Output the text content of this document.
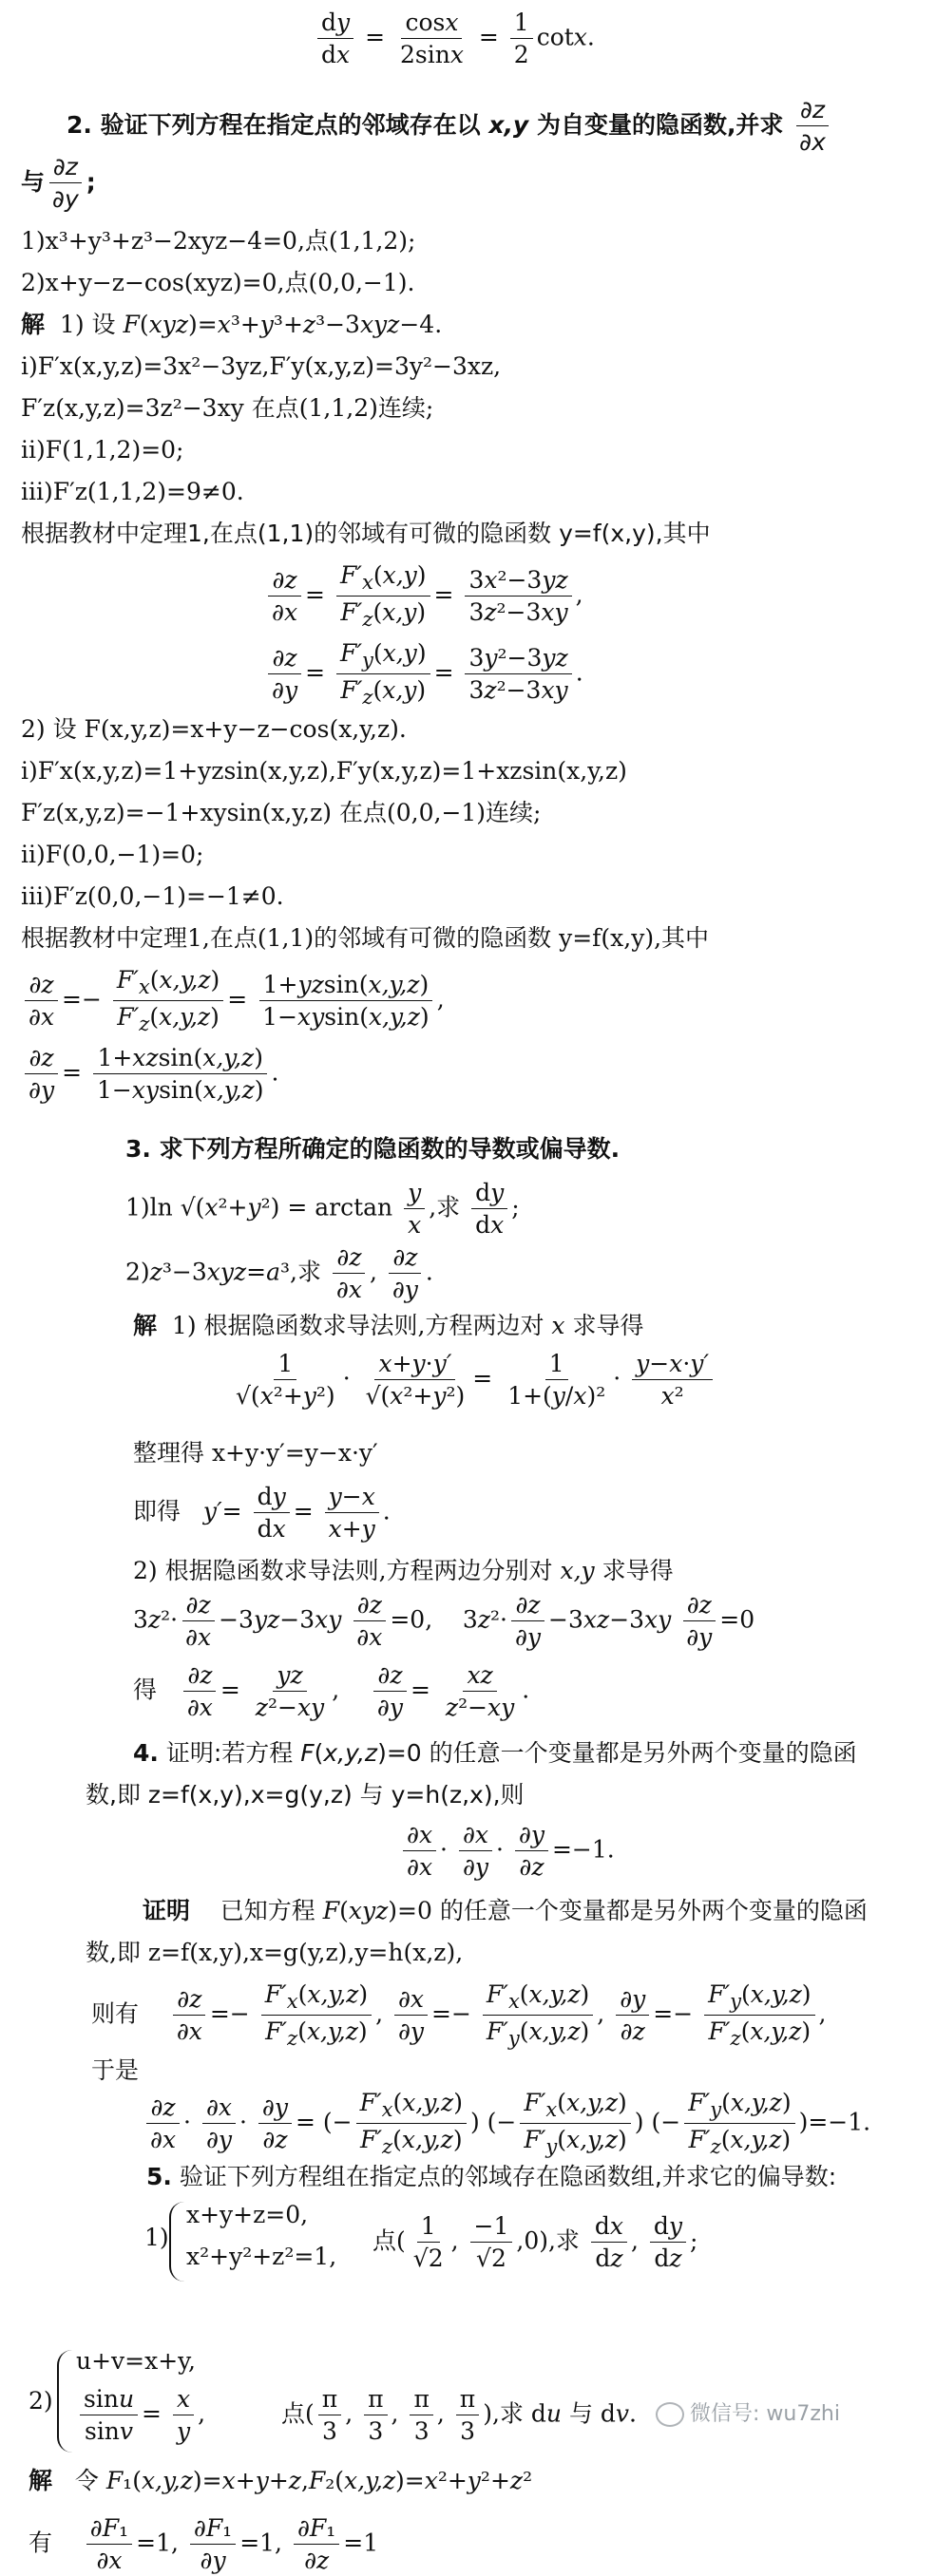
$\frac{dy}{dx} = \frac{\cos x}{2\sin x} = \frac{1}{2} \cot x$.
2. 验证下列方程在指定点的邻域存在以 x,y 为自变量的隐函数,并求 $\frac{\partial z}{\partial x}$
与 $\frac{\partial z}{\partial y}$ ;
1)x³+y³+z³−2xyz−4=0,点(1,1,2);
2)x+y−z−cos(xyz)=0,点(0,0,−1).
解  1) 设 F(xyz)=x³+y³+z³−3xyz−4.
i)F′x(x,y,z)=3x²−3yz,F′y(x,y,z)=3y²−3xz,
F′z(x,y,z)=3z²−3xy 在点(1,1,2)连续;
ii)F(1,1,2)=0;
iii)F′z(1,1,2)=9≠0.
根据教材中定理1,在点(1,1)的邻域有可微的隐函数 y=f(x,y),其中
$\frac{\partial z}{\partial x} = \frac{F'_x(x,y)}{F'_z(x,y)} = \frac{\text{3x²−3yz}}{\text{3z²−3xy}}$ ,
$\frac{\partial z}{\partial y} = \frac{F'_y(x,y)}{F'_z(x,y)} = \frac{\text{3y²−3yz}}{\text{3z²−3xy}}$ .
2) 设 F(x,y,z)=x+y−z−cos(x,y,z).
i)F′x(x,y,z)=1+yzsin(x,y,z),F′y(x,y,z)=1+xzsin(x,y,z)
F′z(x,y,z)=−1+xysin(x,y,z) 在点(0,0,−1)连续;
ii)F(0,0,−1)=0;
iii)F′z(0,0,−1)=−1≠0.
根据教材中定理1,在点(1,1)的邻域有可微的隐函数 y=f(x,y),其中
$\frac{\partial z}{\partial x} =- \frac{F'_x(x,y,z)}{F'_z(x,y,z)} = \frac{1+yzsin(x,y,z)}{1-xysin(x,y,z)}$ ,
$\frac{\partial z}{\partial y} = \frac{1+xzsin(x,y,z)}{1-xysin(x,y,z)}$ .
3. 求下列方程所确定的隐函数的导数或偏导数.
1)ln $√(x^2+y^2) = \arctan \frac{y}{x}$ ,求 $\frac{dy}{dx}$ ;
2)z³−3xyz=a³,求 $\frac{\partial z}{\partial x}$ , $\frac{\partial z}{\partial y}$ .
解  1) 根据隐函数求导法则,方程两边对 x 求导得
$\frac{1}{\text{√(x²+y²)}} \cdot \frac{x+y\cdot y'}{\text{√(x²+y²)}} = \frac{1}{\text{1+(y/x)²}} \cdot \frac{y-x\cdot y'}{\text{x²}}$
整理得 x+y·y′=y−x·y′
即得   $y'= \frac{dy}{dx} = \frac{y-x}{x+y}$ .
2) 根据隐函数求导法则,方程两边分别对 x,y 求导得
$3z^2\cdot \frac{\partial z}{\partial x} -3yz-3xy \frac{\partial z}{\partial x} =0$,    $3z^2\cdot \frac{\partial z}{\partial y} -3xz-3xy \frac{\partial z}{\partial y} =0$
得 $\frac{\partial z}{\partial x} = \frac{yz}{\text{z²−xy}}$ , $\frac{\partial z}{\partial y} = \frac{xz}{\text{z²−xy}}$ .
4. 证明:若方程 F(x,y,z)=0 的任意一个变量都是另外两个变量的隐函
数,即 z=f(x,y),x=g(y,z) 与 y=h(z,x),则
$\frac{\partial x}{\partial x} \cdot \frac{\partial x}{\partial y} \cdot \frac{\partial y}{\partial z} =-1$.
证明    已知方程 F(xyz)=0 的任意一个变量都是另外两个变量的隐函
数,即 z=f(x,y),x=g(y,z),y=h(x,z),
则有 $\frac{\partial z}{\partial x} =- \frac{F'_x(x,y,z)}{F'_z(x,y,z)}$ , $\frac{\partial x}{\partial y} =- \frac{F'_x(x,y,z)}{F'_y(x,y,z)}$ , $\frac{\partial y}{\partial z} =- \frac{F'_y(x,y,z)}{F'_z(x,y,z)}$ ,
于是
$\frac{\partial z}{\partial x} \cdot \frac{\partial x}{\partial y} \cdot \frac{\partial y}{\partial z}$ = (− $\frac{F'_x(x,y,z)}{F'_z(x,y,z)}$ ) (− $\frac{F'_x(x,y,z)}{F'_y(x,y,z)}$ ) (− $\frac{F'_y(x,y,z)}{F'_z(x,y,z)} )=-1$.
5. 验证下列方程组在指定点的邻域存在隐函数组,并求它的偏导数:
1)
x+y+z=0,
x²+y²+z²=1,
点( $\frac{1}{√2}$ , $\frac{-1}{√2} ,0$),求 $\frac{dx}{dz}$ , $\frac{dy}{dz}$ ;
微信号: wu7zhi
2)
u+v=x+y,
$\frac{\sin u}{\sin v} = \frac{x}{y}$ ,	点( $\frac{\pi}{3}$ , $\frac{\pi}{3}$ , $\frac{\pi}{3}$ , $\frac{\pi}{3}$ ),求 du 与 dv.
解   令 F₁(x,y,z)=x+y+z,F₂(x,y,z)=x²+y²+z²
有 $\frac{\text{∂F₁}}{\partial x} =1$, $\frac{\text{∂F₁}}{\partial y} =1$, $\frac{\text{∂F₁}}{\partial z} =1$
